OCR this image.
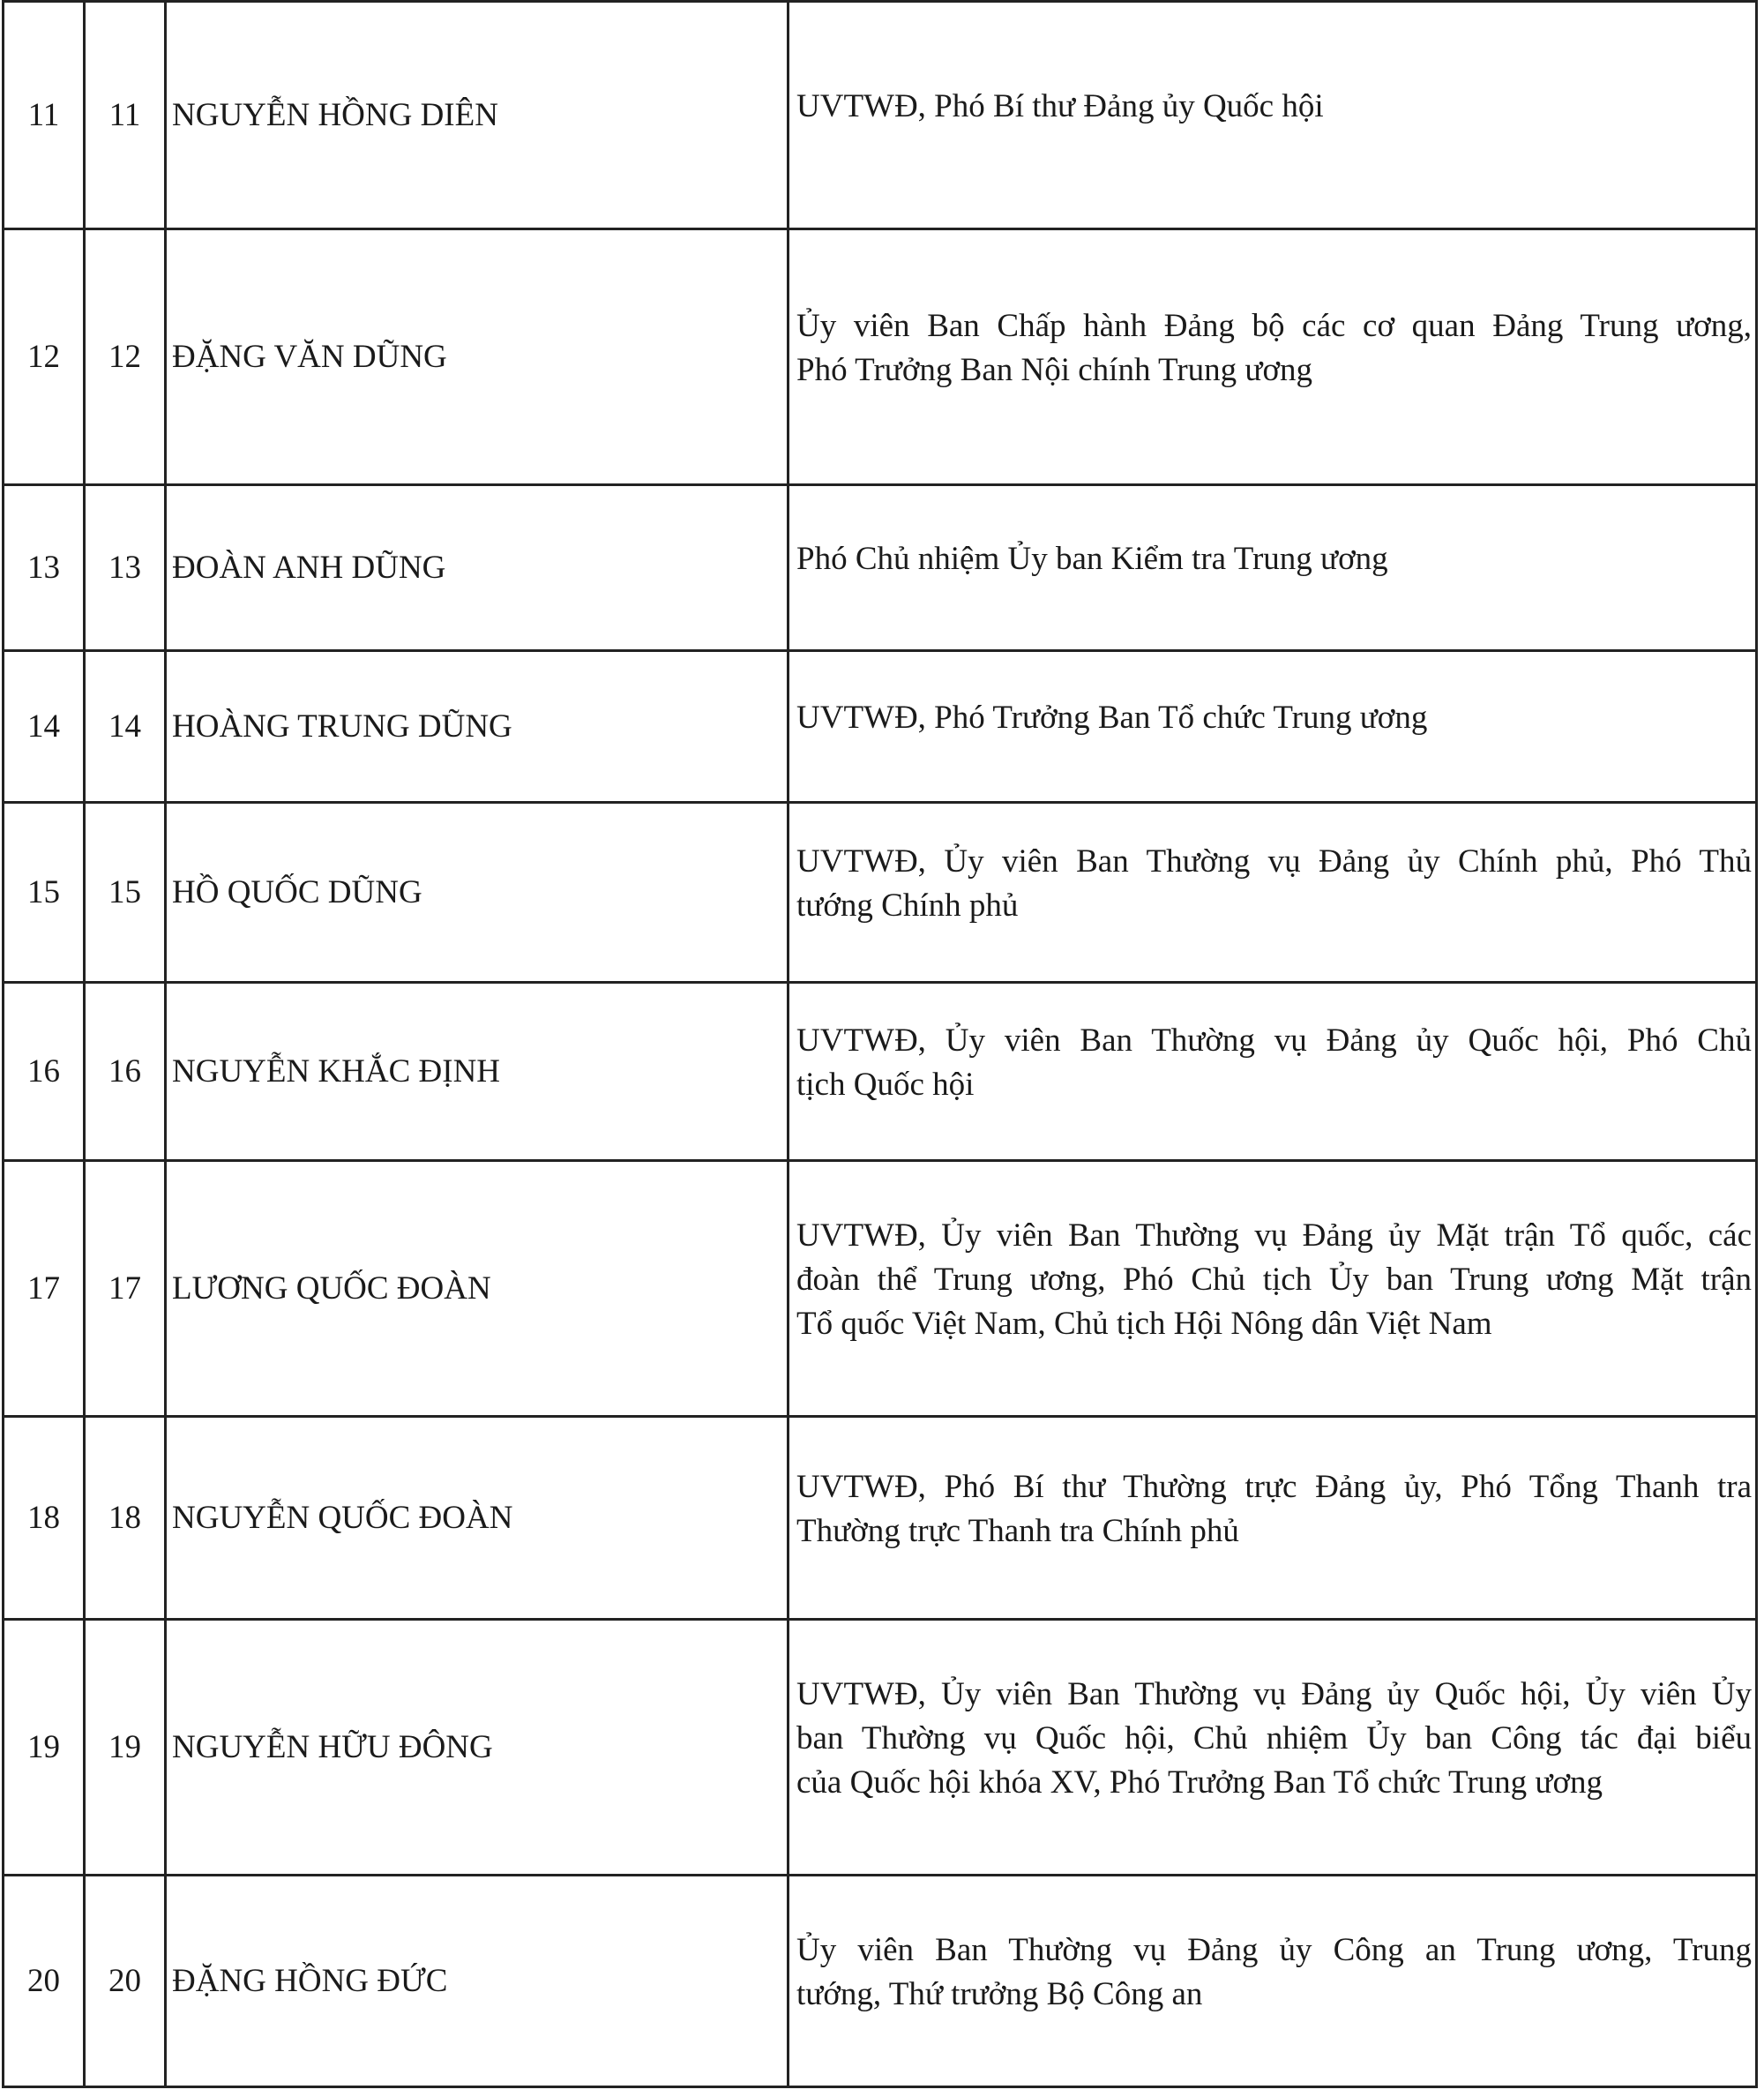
11	11	NGUYỄN HỒNG DIÊN	UVTWĐ, Phó Bí thư Đảng ủy Quốc hội

12	12	ĐẶNG VĂN DŨNG	Ủy viên Ban Chấp hành Đảng bộ các cơ quan Đảng Trung ương,
Phó Trưởng Ban Nội chính Trung ương

13	13	ĐOÀN ANH DŨNG	Phó Chủ nhiệm Ủy ban Kiểm tra Trung ương

14	14	HOÀNG TRUNG DŨNG	UVTWĐ, Phó Trưởng Ban Tổ chức Trung ương

15	15	HỒ QUỐC DŨNG	UVTWĐ, Ủy viên Ban Thường vụ Đảng ủy Chính phủ, Phó Thủ
tướng Chính phủ

16	16	NGUYỄN KHẮC ĐỊNH	UVTWĐ, Ủy viên Ban Thường vụ Đảng ủy Quốc hội, Phó Chủ
tịch Quốc hội

17	17	LƯƠNG QUỐC ĐOÀN	UVTWĐ, Ủy viên Ban Thường vụ Đảng ủy Mặt trận Tổ quốc, các
đoàn thể Trung ương, Phó Chủ tịch Ủy ban Trung ương Mặt trận
Tổ quốc Việt Nam, Chủ tịch Hội Nông dân Việt Nam

18	18	NGUYỄN QUỐC ĐOÀN	UVTWĐ, Phó Bí thư Thường trực Đảng ủy, Phó Tổng Thanh tra
Thường trực Thanh tra Chính phủ

19	19	NGUYỄN HỮU ĐÔNG	UVTWĐ, Ủy viên Ban Thường vụ Đảng ủy Quốc hội, Ủy viên Ủy
ban Thường vụ Quốc hội, Chủ nhiệm Ủy ban Công tác đại biểu
của Quốc hội khóa XV, Phó Trưởng Ban Tổ chức Trung ương

20	20	ĐẶNG HỒNG ĐỨC	Ủy viên Ban Thường vụ Đảng ủy Công an Trung ương, Trung
tướng, Thứ trưởng Bộ Công an
